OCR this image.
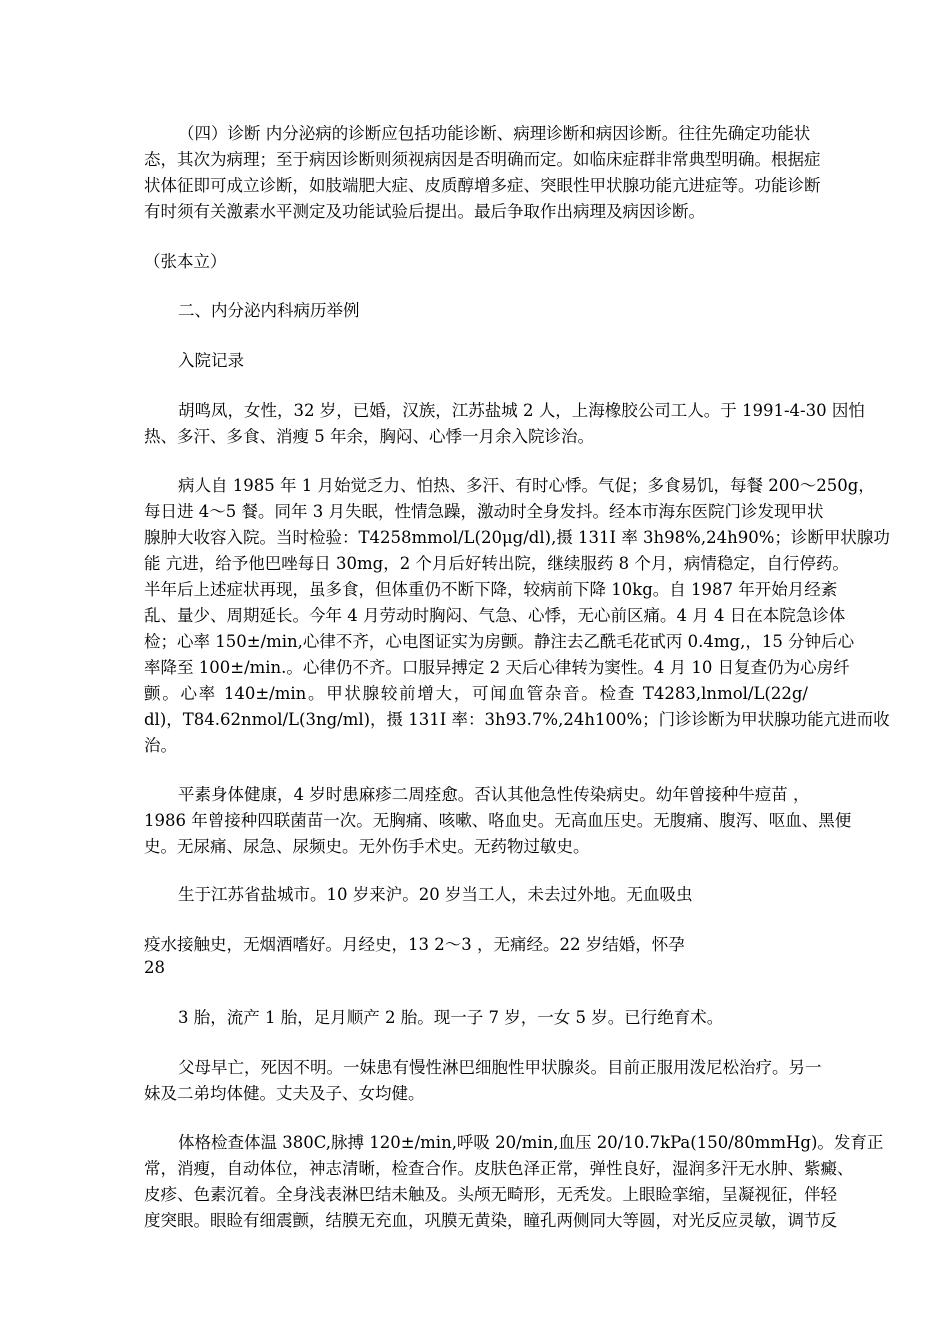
（四）诊断 内分泌病的诊断应包括功能诊断、病理诊断和病因诊断。往往先确定功能状

态，其次为病理；至于病因诊断则须视病因是否明确而定。如临床症群非常典型明确。根据症

状体征即可成立诊断，如肢端肥大症、皮质醇增多症、突眼性甲状腺功能亢进症等。功能诊断

有时须有关激素水平测定及功能试验后提出。最后争取作出病理及病因诊断。

（张本立）

二、内分泌内科病历举例

入院记录

胡鸣凤，女性，32 岁，已婚，汉族，江苏盐城 2 人，上海橡胶公司工人。于 1991-4-30 因怕

热、多汗、多食、消瘦 5 年余，胸闷、心悸一月余入院诊治。

病人自 1985 年 1 月始觉乏力、怕热、多汗、有时心悸。气促；多食易饥，每餐 200～250g，

每日进 4～5 餐。同年 3 月失眠，性情急躁，激动时全身发抖。经本市海东医院门诊发现甲状

腺肿大收容入院。当时检验：T4258mmol/L(20μg/dl),摄 131I 率 3h98%,24h90%；诊断甲状腺功

能 亢进，给予他巴唑每日 30mg，2 个月后好转出院，继续服药 8 个月，病情稳定，自行停药。

半年后上述症状再现，虽多食，但体重仍不断下降，较病前下降 10kg。自 1987 年开始月经紊

乱、量少、周期延长。今年 4 月劳动时胸闷、气急、心悸，无心前区痛。4 月 4 日在本院急诊体

检；心率 150±/min,心律不齐，心电图证实为房颤。静注去乙酰毛花甙丙 0.4mg,，15 分钟后心

率降至 100±/min.。心律仍不齐。口服异搏定 2 天后心律转为窦性。4 月 10 日复查仍为心房纤

颤。心率 140±/min。甲状腺较前增大，可闻血管杂音。检查 T4283,lnmol/L(22g/

dl)，T84.62nmol/L(3ng/ml)，摄 131I 率：3h93.7%,24h100%；门诊诊断为甲状腺功能亢进而收

治。

平素身体健康，4 岁时患麻疹二周痊愈。否认其他急性传染病史。幼年曾接种牛痘苗 ，

1986 年曾接种四联菌苗一次。无胸痛、咳嗽、咯血史。无高血压史。无腹痛、腹泻、呕血、黑便

史。无尿痛、尿急、尿频史。无外伤手术史。无药物过敏史。

生于江苏省盐城市。10 岁来沪。20 岁当工人，未去过外地。无血吸虫

疫水接触史，无烟酒嗜好。月经史，13 2～3 ，无痛经。22 岁结婚，怀孕

28

3 胎，流产 1 胎，足月顺产 2 胎。现一子 7 岁，一女 5 岁。已行绝育术。

父母早亡，死因不明。一妹患有慢性淋巴细胞性甲状腺炎。目前正服用泼尼松治疗。另一

妹及二弟均体健。丈夫及子、女均健。

体格检查体温 380C,脉搏 120±/min,呼吸 20/min,血压 20/10.7kPa(150/80mmHg)。发育正

常，消瘦，自动体位，神志清晰，检查合作。皮肤色泽正常，弹性良好，湿润多汗无水肿、紫癜、

皮疹、色素沉着。全身浅表淋巴结未触及。头颅无畸形，无秃发。上眼睑挛缩，呈凝视征，伴轻

度突眼。眼睑有细震颤，结膜无充血，巩膜无黄染，瞳孔两侧同大等圆，对光反应灵敏，调节反
